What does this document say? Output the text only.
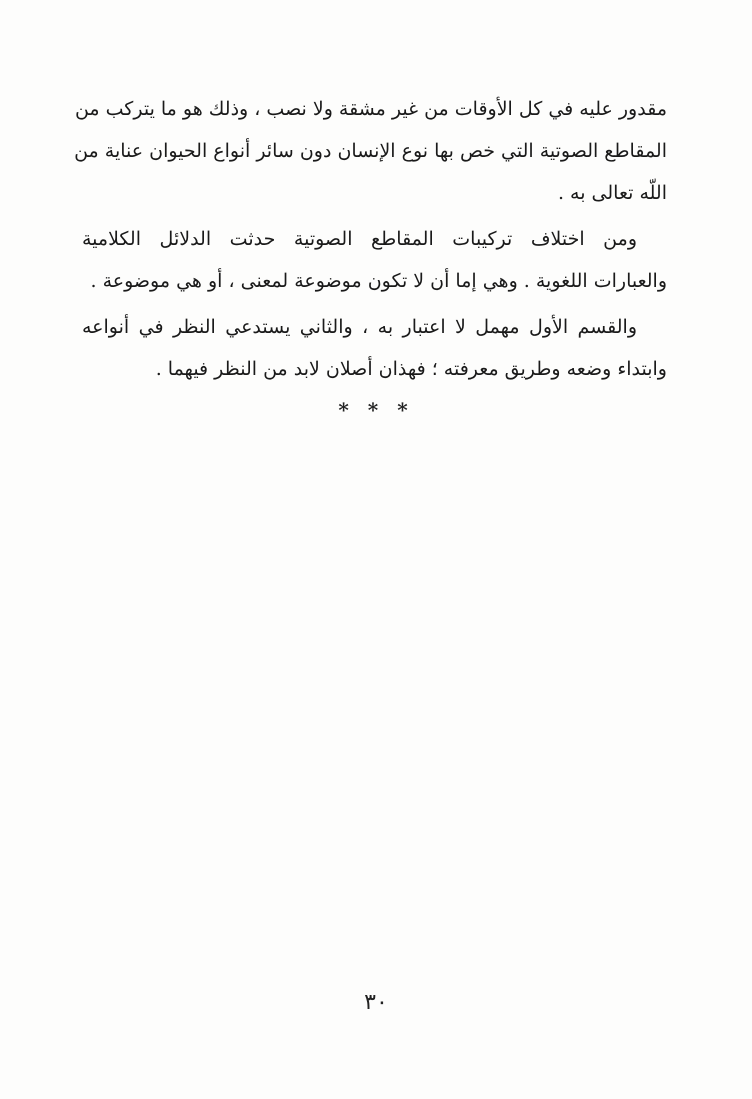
مقدور عليه في كل الأوقات من غير مشقة ولا نصب ، وذلك هو ما يتركب من
المقاطع الصوتية التي خص بها نوع الإنسان دون سائر أنواع الحيوان عناية من
اللّه تعالى به .
ومن اختلاف تركيبات المقاطع الصوتية حدثت الدلائل الكلامية
والعبارات اللغوية . وهي إما أن لا تكون موضوعة لمعنى ، أو هي موضوعة .
والقسم الأول مهمل لا اعتبار به ، والثاني يستدعي النظر في أنواعه
وابتداء وضعه وطريق معرفته ؛ فهذان أصلان لابد من النظر فيهما .
* * *
٣٠
